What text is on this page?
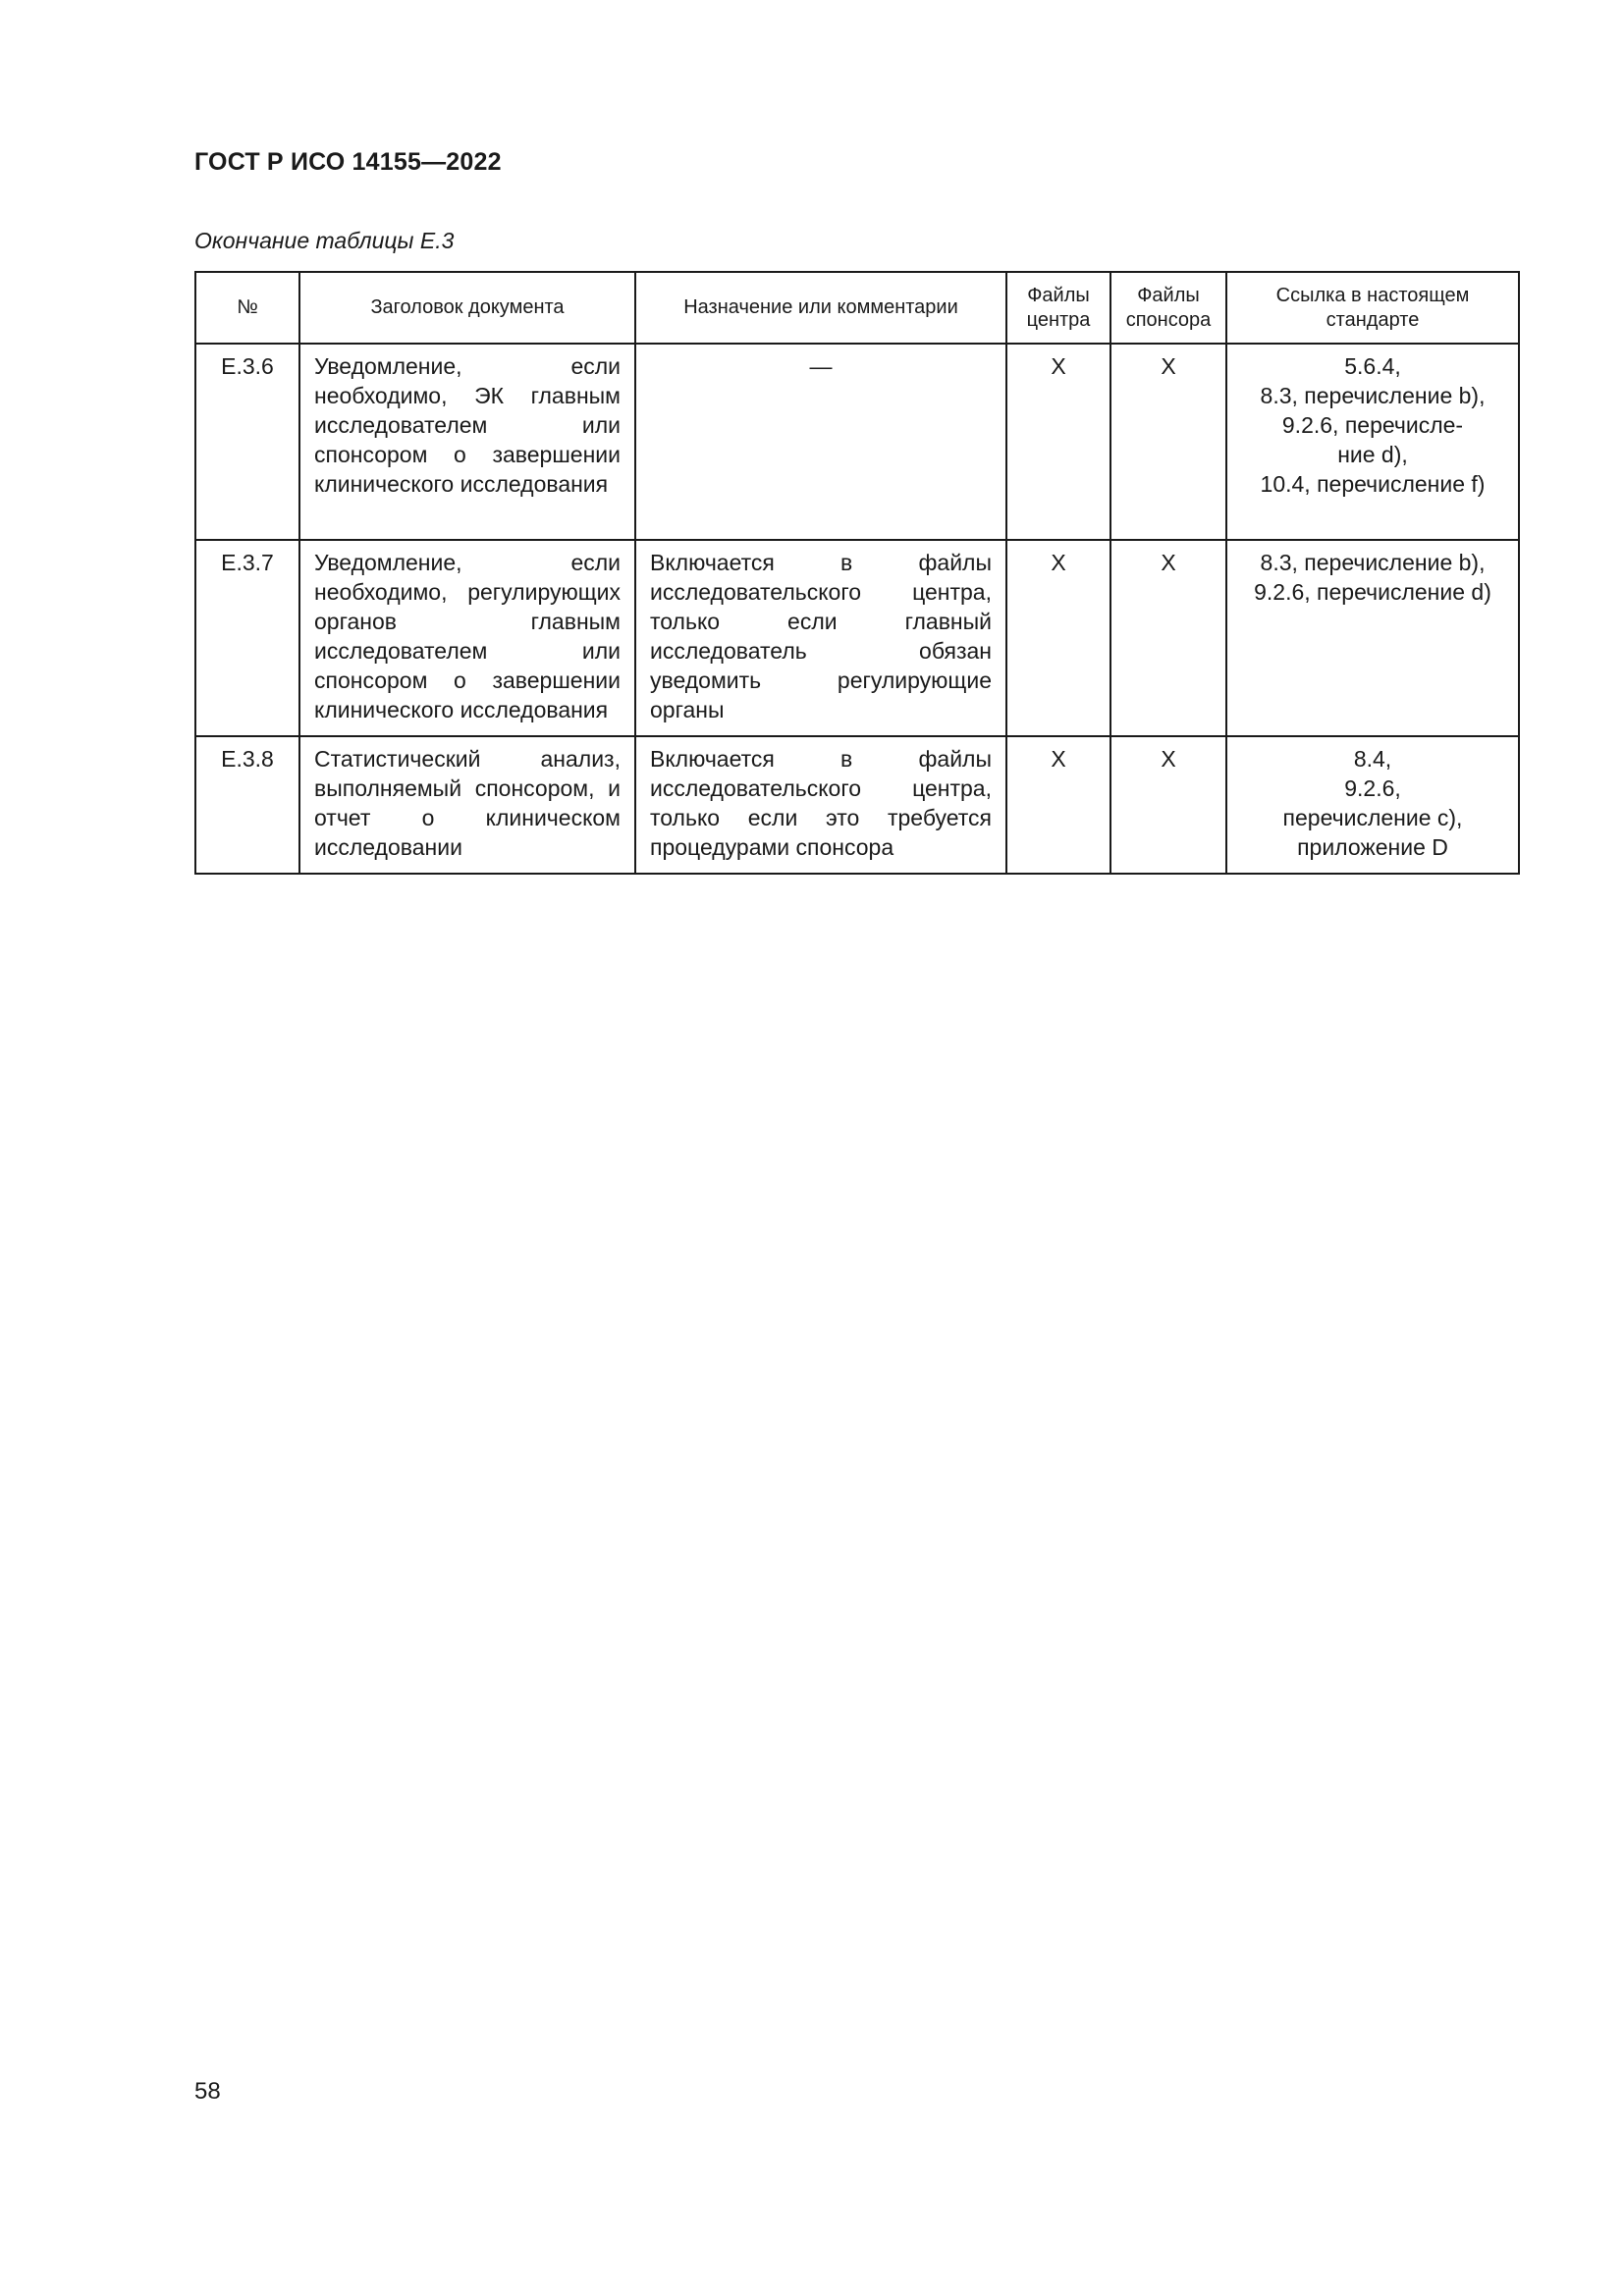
ГОСТ Р ИСО 14155—2022
Окончание таблицы Е.3
№	Заголовок документа	Назначение или комментарии	Файлы центра	Файлы спонсора	Ссылка в настоящем стандарте
Е.3.6	Уведомление, если необходимо, ЭК главным исследователем или спонсором о завершении клинического исследования	—	X	X	5.6.4,
8.3, перечисление b),
9.2.6, перечисле-
ние d),
10.4, перечисление f)
Е.3.7	Уведомление, если необходимо, регулирующих органов главным исследователем или спонсором о завершении клинического исследования	Включается в файлы исследовательского центра, только если главный исследователь обязан уведомить регулирующие органы	X	X	8.3, перечисление b),
9.2.6, перечисление d)
Е.3.8	Статистический анализ, выполняемый спонсором, и отчет о клиническом исследовании	Включается в файлы исследовательского центра, только если это требуется процедурами спонсора	X	X	8.4,
9.2.6,
перечисление с),
приложение D
58
